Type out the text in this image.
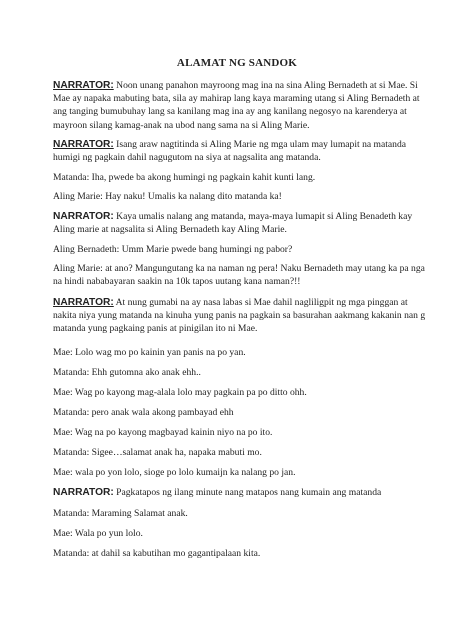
ALAMAT NG SANDOK

NARRATOR: Noon unang panahon mayroong mag ina na sina Aling Bernadeth at si Mae. Si Mae ay napaka mabuting bata, sila ay mahirap lang kaya maraming utang si Aling Bernadeth at ang tanging bumubuhay lang sa kanilang mag ina ay ang kanilang negosyo na karenderya at mayroon silang kamag-anak na ubod nang sama na si Aling Marie.

NARRATOR: Isang araw nagtitinda si Aling Marie ng mga ulam may lumapit na matanda humigi ng pagkain dahil nagugutom na siya at nagsalita ang matanda.

Matanda: Iha, pwede ba akong humingi ng pagkain kahit kunti lang.

Aling Marie: Hay naku! Umalis ka nalang dito matanda ka!

NARRATOR: Kaya umalis nalang ang matanda, maya-maya lumapit si Aling Benadeth kay Aling marie at nagsalita si Aling Bernadeth kay Aling Marie.

Aling Bernadeth: Umm Marie pwede bang humingi ng pabor?

Aling Marie: at ano? Mangungutang ka na naman ng pera! Naku Bernadeth may utang ka pa nga na hindi nababayaran saakin na 10k tapos uutang kana naman?!!

NARRATOR: At nung gumabi na ay nasa labas si Mae dahil nagliligpit ng mga pinggan at nakita niya yung matanda na kinuha yung panis na pagkain sa basurahan aakmang kakanin nan g matanda yung pagkaing panis at pinigilan ito ni Mae.

Mae: Lolo wag mo po kainin yan panis na po yan.

Matanda: Ehh gutomna ako anak ehh..

Mae: Wag po kayong mag-alala lolo may pagkain pa po ditto ohh.

Matanda: pero anak wala akong pambayad ehh

Mae: Wag na po kayong magbayad kainin niyo na po ito.

Matanda: Sigee…salamat anak ha, napaka mabuti mo.

Mae: wala po yon lolo, sioge po lolo kumaijn ka nalang po jan.

NARRATOR: Pagkatapos ng ilang minute nang matapos nang kumain ang matanda

Matanda: Maraming Salamat anak.

Mae: Wala po yun lolo.

Matanda: at dahil sa kabutihan mo gagantipalaan kita.
